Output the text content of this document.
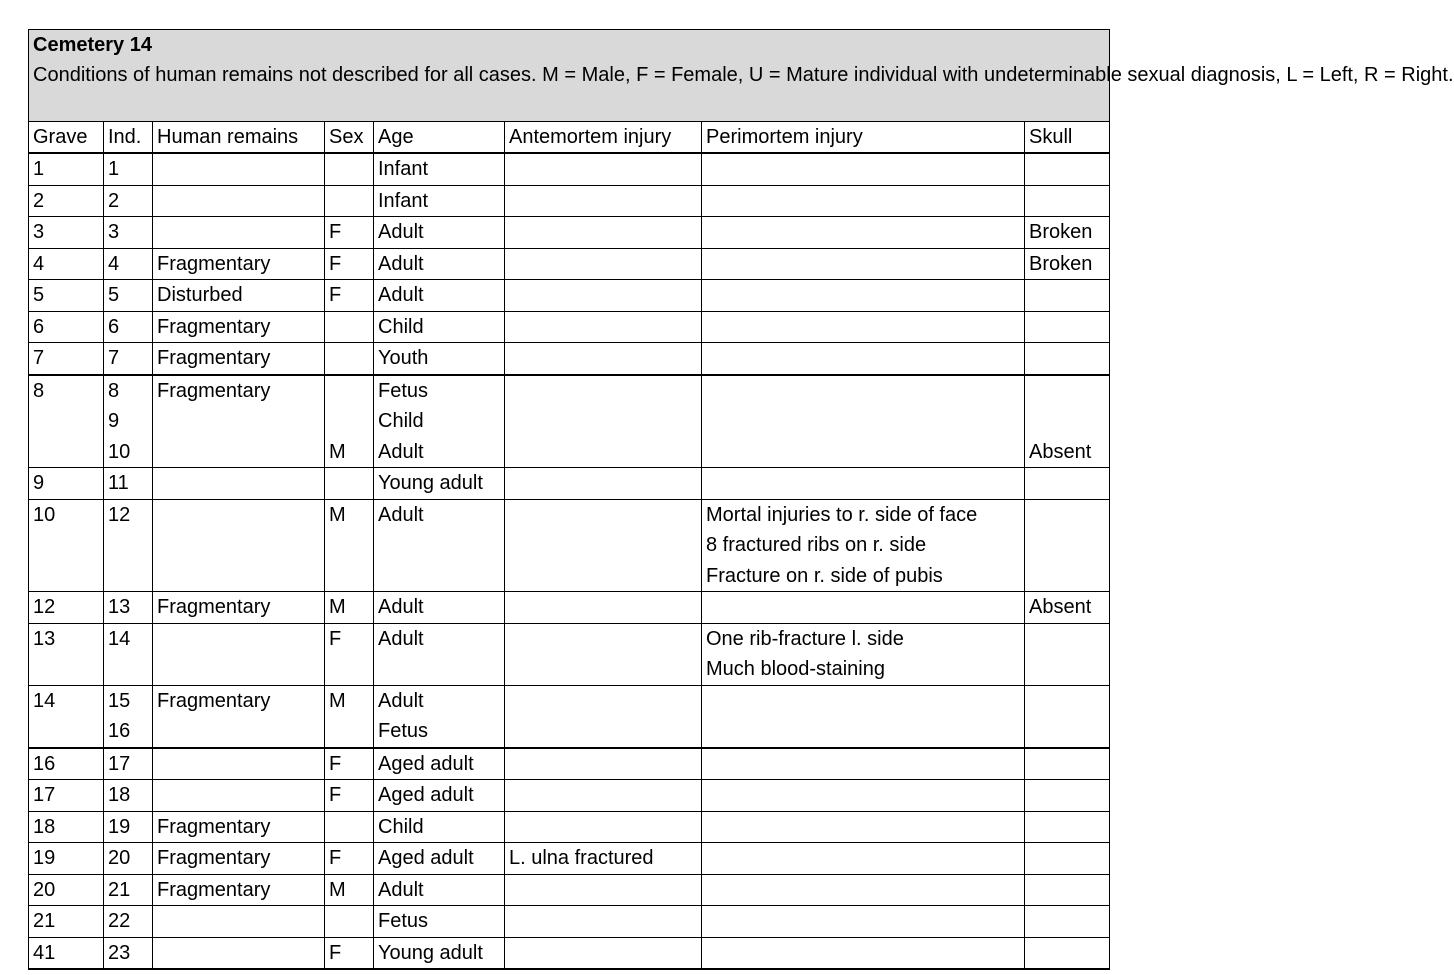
Cemetery 14							
Conditions of human remains not described for all cases. M = Male, F = Female, U = Mature individual with undeterminable sexual diagnosis, L = Left, R = Right.							
Grave	Ind.	Human remains	Sex	Age	Antemortem injury	Perimortem injury	Skull
1	1			Infant			
2	2			Infant			
3	3		F	Adult			Broken
4	4	Fragmentary	F	Adult			Broken
5	5	Disturbed	F	Adult			
6	6	Fragmentary		Child			
7	7	Fragmentary		Youth			
8	8	Fragmentary		Fetus			
	9			Child			
	10		M	Adult			Absent
9	11			Young adult			
10	12		M	Adult		Mortal injuries to r. side of face	
						8 fractured ribs on r. side	
						Fracture on r. side of pubis	
12	13	Fragmentary	M	Adult			Absent
13	14		F	Adult		One rib-fracture l. side	
						Much blood-staining	
14	15	Fragmentary	M	Adult			
	16			Fetus			
16	17		F	Aged adult			
17	18		F	Aged adult			
18	19	Fragmentary		Child			
19	20	Fragmentary	F	Aged adult	L. ulna fractured		
20	21	Fragmentary	M	Adult			
21	22			Fetus			
41	23		F	Young adult			
